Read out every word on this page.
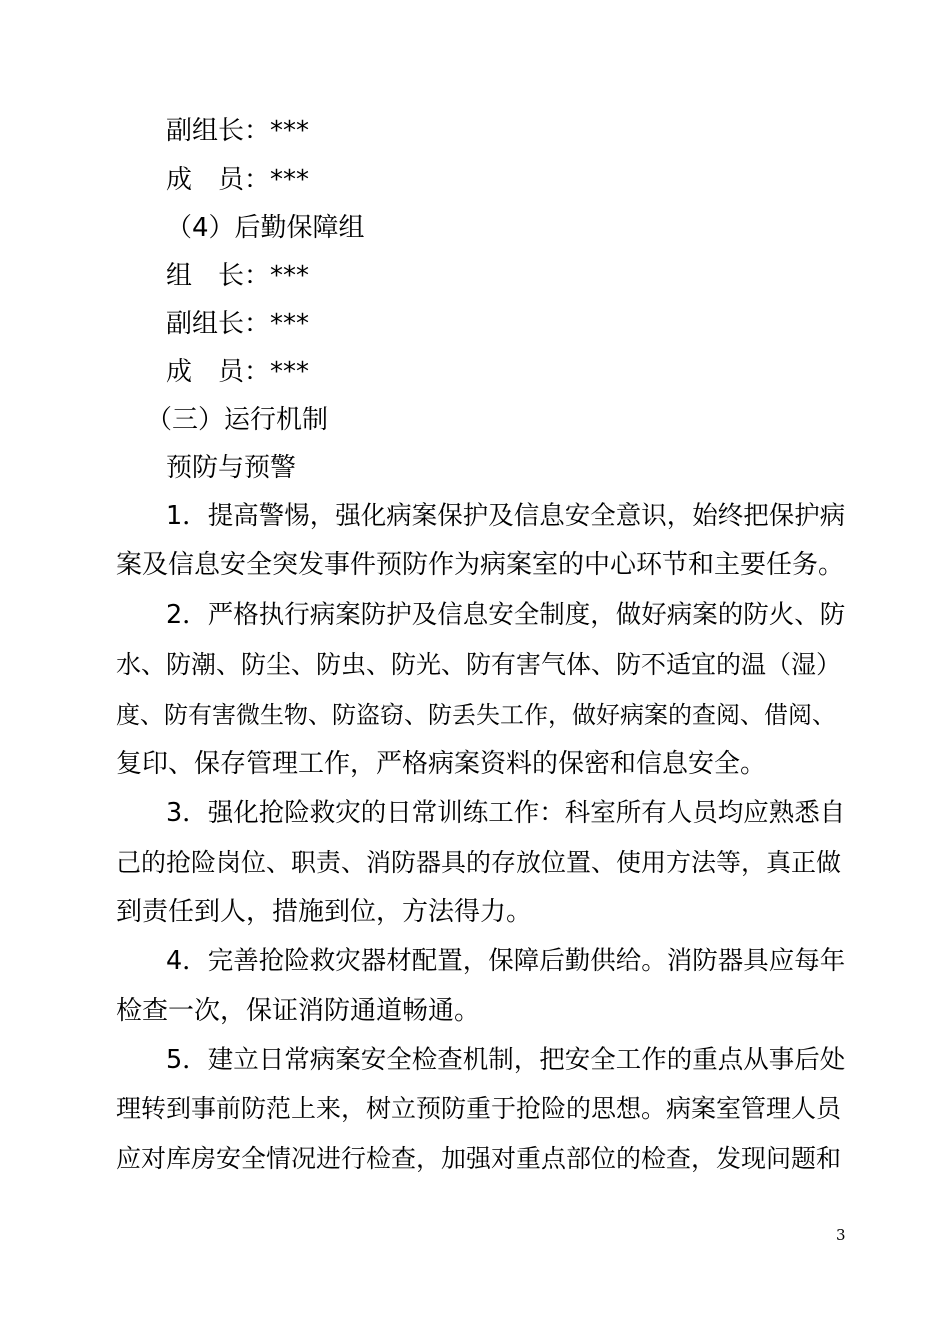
副组长：***
成　员：***
（4）后勤保障组
组　长：***
副组长：***
成　员：***
（三）运行机制
预防与预警
1．提高警惕，强化病案保护及信息安全意识，始终把保护病
案及信息安全突发事件预防作为病案室的中心环节和主要任务。
2．严格执行病案防护及信息安全制度，做好病案的防火、防
水、防潮、防尘、防虫、防光、防有害气体、防不适宜的温（湿）
度、防有害微生物、防盗窃、防丢失工作，做好病案的查阅、借阅、
复印、保存管理工作，严格病案资料的保密和信息安全。
3．强化抢险救灾的日常训练工作：科室所有人员均应熟悉自
己的抢险岗位、职责、消防器具的存放位置、使用方法等，真正做
到责任到人，措施到位，方法得力。
4．完善抢险救灾器材配置，保障后勤供给。消防器具应每年
检查一次，保证消防通道畅通。
5．建立日常病案安全检查机制，把安全工作的重点从事后处
理转到事前防范上来，树立预防重于抢险的思想。病案室管理人员
应对库房安全情况进行检查，加强对重点部位的检查，发现问题和
3
